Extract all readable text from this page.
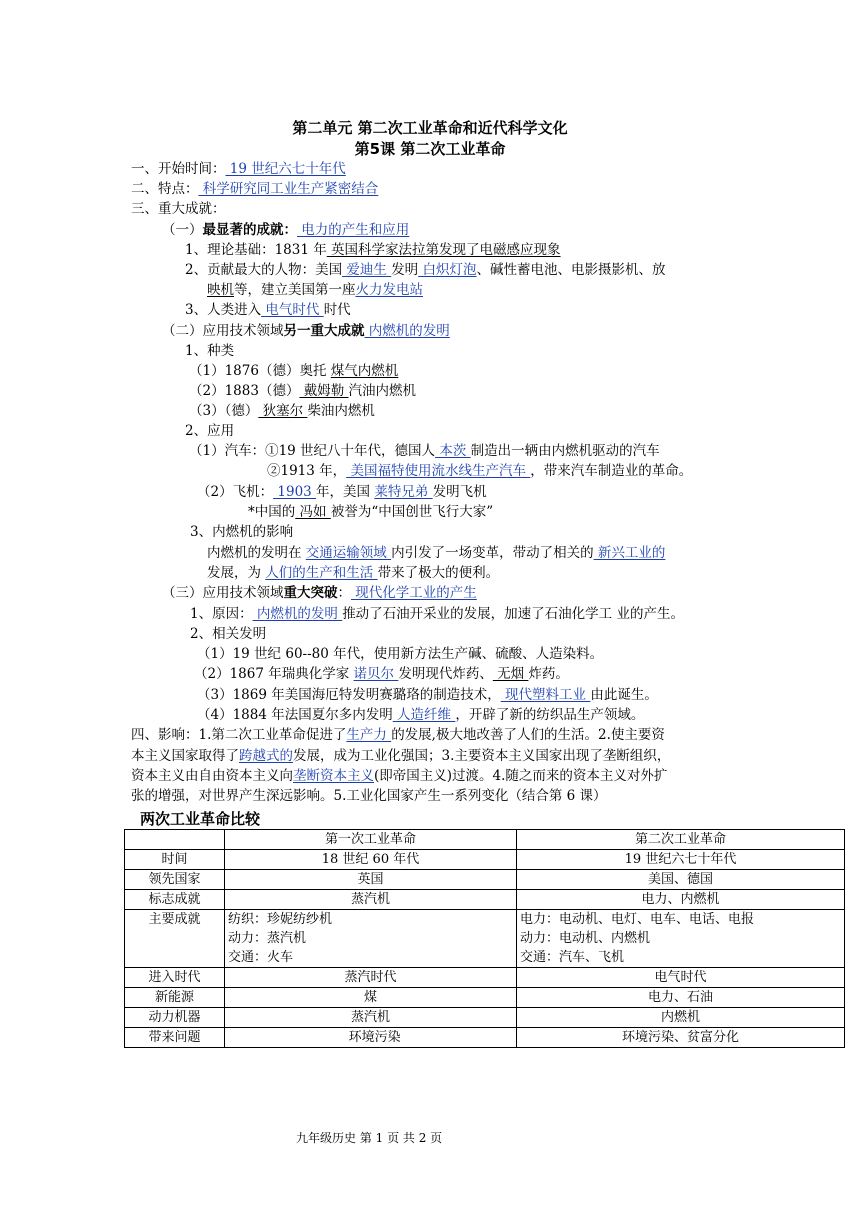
第二单元 第二次工业革命和近代科学文化
第5课 第二次工业革命
一、开始时间： 19 世纪六七十年代
二、特点： 科学研究同工业生产紧密结合
三、重大成就：
（一）最显著的成就： 电力的产生和应用
1、理论基础：1831 年 英国科学家法拉第发现了电磁感应现象
2、贡献最大的人物：美国 爱迪生 发明 白炽灯泡、碱性蓄电池、电影摄影机、放
映机等，建立美国第一座火力发电站
3、人类进入 电气时代 时代
（二）应用技术领域另一重大成就 内燃机的发明
1、种类
（1）1876（德）奥托 煤气内燃机
（2）1883（德） 戴姆勒 汽油内燃机
（3）（德） 狄塞尔 柴油内燃机
2、应用
（1）汽车：①19 世纪八十年代，德国人 本茨 制造出一辆由内燃机驱动的汽车
②1913 年， 美国福特使用流水线生产汽车 ，带来汽车制造业的革命。
（2）飞机： 1903 年，美国 莱特兄弟 发明飞机
*中国的 冯如 被誉为“中国创世飞行大家”
3、内燃机的影响
内燃机的发明在 交通运输领域 内引发了一场变革，带动了相关的 新兴工业的
发展，为 人们的生产和生活 带来了极大的便利。
（三）应用技术领域重大突破： 现代化学工业的产生
1、原因： 内燃机的发明 推动了石油开采业的发展，加速了石油化学工 业的产生。
2、相关发明
（1）19 世纪 60--80 年代，使用新方法生产碱、硫酸、人造染料。
（2）1867 年瑞典化学家 诺贝尔 发明现代炸药、 无烟 炸药。
（3）1869 年美国海厄特发明赛璐珞的制造技术， 现代塑料工业 由此诞生。
（4）1884 年法国夏尔多内发明 人造纤维 ，开辟了新的纺织品生产领域。
四、影响：1.第二次工业革命促进了生产力 的发展,极大地改善了人们的生活。2.使主要资
本主义国家取得了跨越式的发展，成为工业化强国；3.主要资本主义国家出现了垄断组织，
资本主义由自由资本主义向垄断资本主义(即帝国主义)过渡。4.随之而来的资本主义对外扩
张的增强，对世界产生深远影响。5.工业化国家产生一系列变化（结合第 6 课）
两次工业革命比较
	第一次工业革命	第二次工业革命
时间	18 世纪 60 年代	19 世纪六七十年代
领先国家	英国	美国、德国
标志成就	蒸汽机	电力、内燃机
主要成就	纺织：珍妮纺纱机
动力：蒸汽机
交通：火车	电力：电动机、电灯、电车、电话、电报
动力：电动机、内燃机
交通：汽车、飞机
进入时代	蒸汽时代	电气时代
新能源	煤	电力、石油
动力机器	蒸汽机	内燃机
带来问题	环境污染	环境污染、贫富分化
九年级历史 第 1 页 共 2 页
